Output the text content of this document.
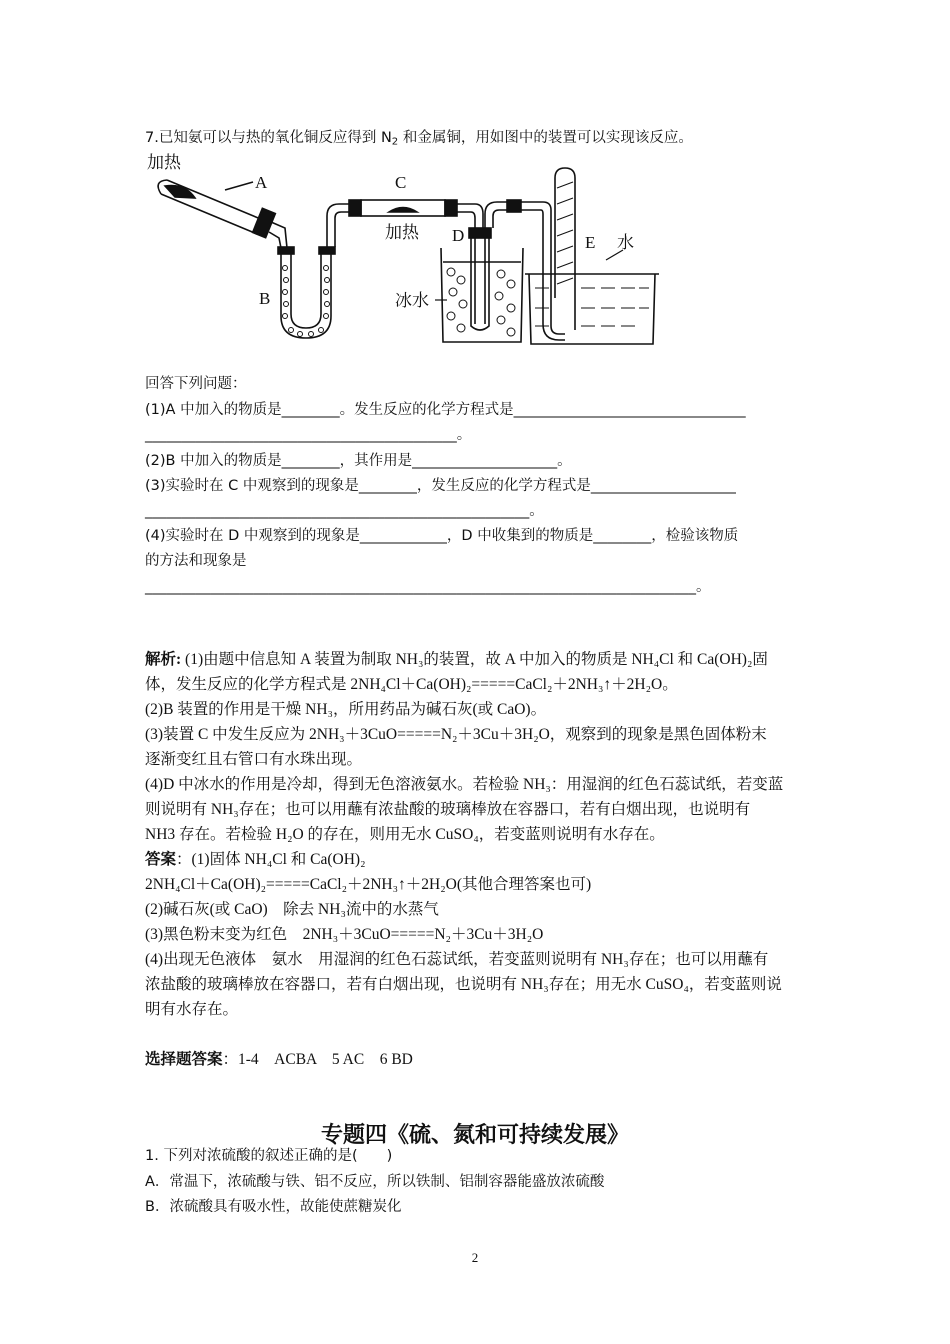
7.已知氨可以与热的氧化铜反应得到 $N_2$ 和金属铜，用如图中的装置可以实现该反应。
加热
A
B
C
加热 D
冰水
E 水
回答下列问题：
(1)A 中加入的物质是________。发生反应的化学方程式是________________________________
___________________________________________。
(2)B 中加入的物质是________，其作用是____________________。
(3)实验时在 C 中观察到的现象是________，发生反应的化学方程式是____________________
_____________________________________________________。
(4)实验时在 D 中观察到的现象是____________，D 中收集到的物质是________，检验该物质
的方法和现象是
____________________________________________________________________________。
解析: (1)由题中信息知 A 装置为制取 NH₃的装置，故 A 中加入的物质是 NH₄Cl 和 Ca(OH)₂固
体，发生反应的化学方程式是 2NH₄Cl＋Ca(OH)₂=====CaCl₂＋2NH₃↑＋2H₂O。
(2)B 装置的作用是干燥 NH₃，所用药品为碱石灰(或 CaO)。
(3)装置 C 中发生反应为 2NH₃＋3CuO=====N₂＋3Cu＋3H₂O，观察到的现象是黑色固体粉末
逐渐变红且右管口有水珠出现。
(4)D 中冰水的作用是冷却，得到无色溶液氨水。若检验 NH₃：用湿润的红色石蕊试纸，若变蓝
则说明有 NH₃存在；也可以用蘸有浓盐酸的玻璃棒放在容器口，若有白烟出现，也说明有
NH3 存在。若检验 H₂O 的存在，则用无水 CuSO₄，若变蓝则说明有水存在。
答案：(1)固体 NH₄Cl 和 Ca(OH)₂
2NH₄Cl＋Ca(OH)₂=====CaCl₂＋2NH₃↑＋2H₂O(其他合理答案也可)
(2)碱石灰(或 CaO)　除去 NH₃流中的水蒸气
(3)黑色粉末变为红色　2NH₃＋3CuO=====N₂＋3Cu＋3H₂O
(4)出现无色液体　氨水　用湿润的红色石蕊试纸，若变蓝则说明有 NH₃存在；也可以用蘸有
浓盐酸的玻璃棒放在容器口，若有白烟出现，也说明有 NH₃存在；用无水 CuSO₄，若变蓝则说
明有水存在。
选择题答案：1-4　ACBA　5 AC　6 BD
专题四《硫、氮和可持续发展》
1. 下列对浓硫酸的叙述正确的是(　　)
A．常温下，浓硫酸与铁、铝不反应，所以铁制、铝制容器能盛放浓硫酸
B．浓硫酸具有吸水性，故能使蔗糖炭化
2
